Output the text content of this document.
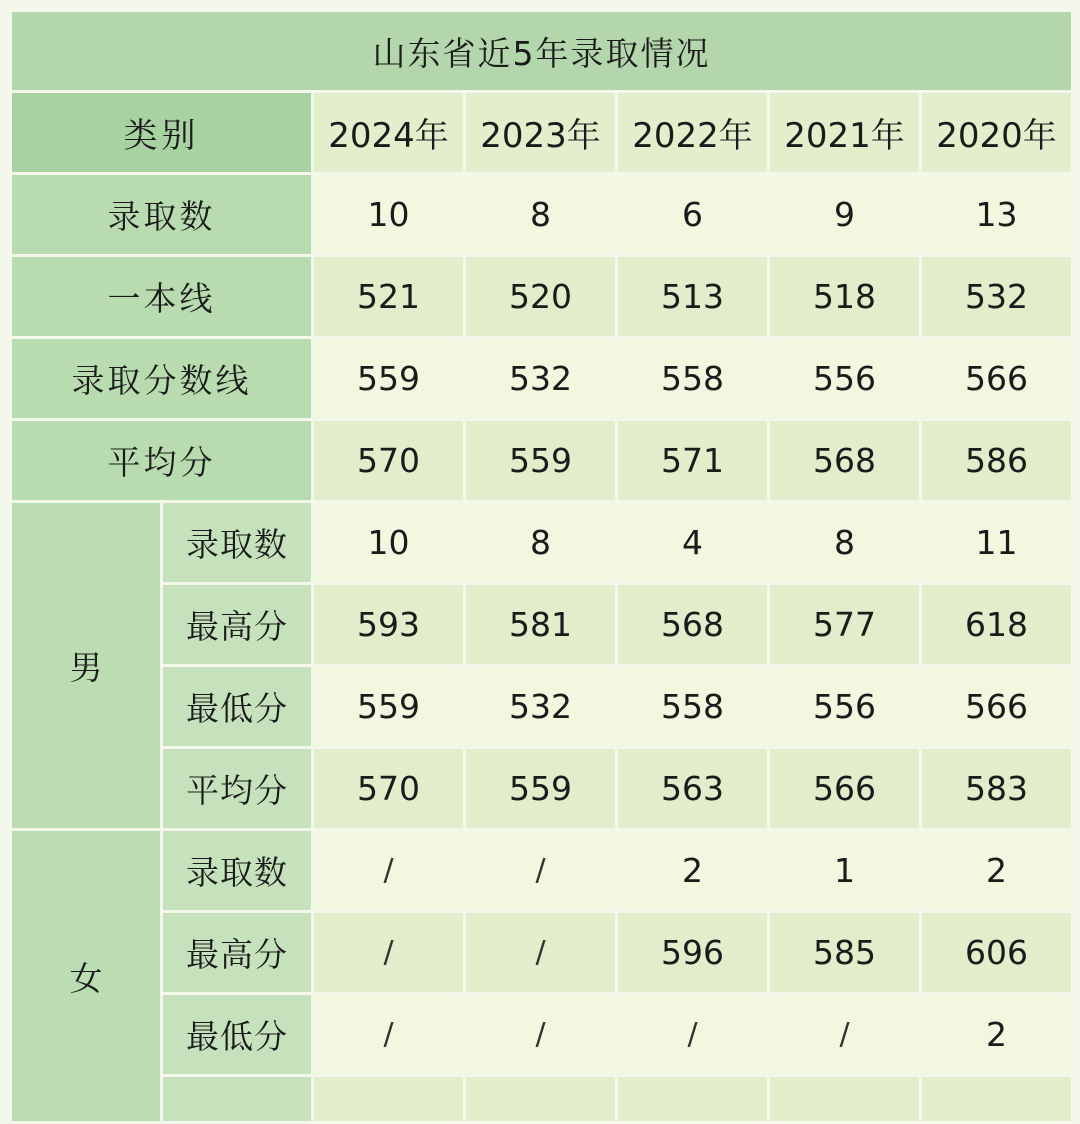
山东省近5年录取情况						
类别		2024年	2023年	2022年	2021年	2020年
录取数		10	8	6	9	13
一本线		521	520	513	518	532
录取分数线		559	532	558	556	566
平均分		570	559	571	568	586
男	录取数	10	8	4	8	11
	最高分	593	581	568	577	618
	最低分	559	532	558	556	566
	平均分	570	559	563	566	583
女	录取数	/	/	2	1	2
	最高分	/	/	596	585	606
	最低分	/	/	/	/	2
